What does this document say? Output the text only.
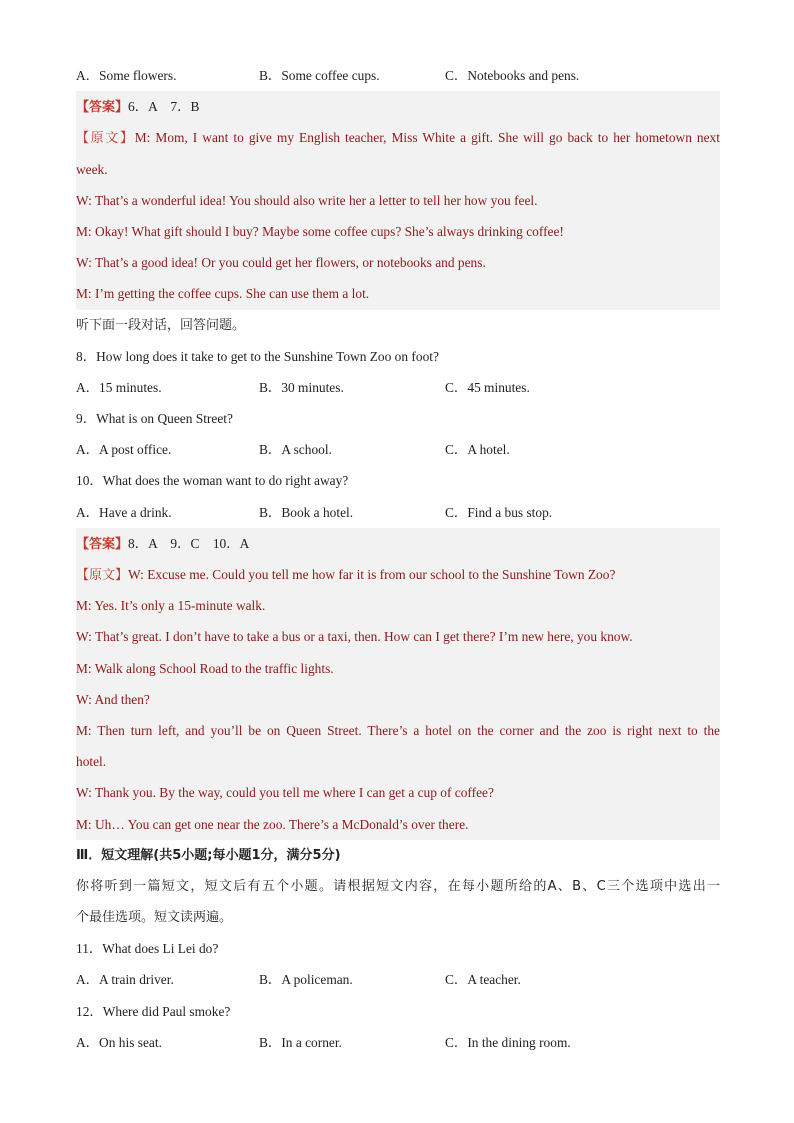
A．Some flowers.	B．Some coffee cups.	C．Notebooks and pens.
【答案】6．A　7．B
【原文】M: Mom, I want to give my English teacher, Miss White a gift. She will go back to her hometown next
week.
W: That’s a wonderful idea! You should also write her a letter to tell her how you feel.
M: Okay! What gift should I buy? Maybe some coffee cups? She’s always drinking coffee!
W: That’s a good idea! Or you could get her flowers, or notebooks and pens.
M: I’m getting the coffee cups. She can use them a lot.
听下面一段对话，回答问题。
8．How long does it take to get to the Sunshine Town Zoo on foot?
A．15 minutes.	B．30 minutes.	C．45 minutes.
9．What is on Queen Street?
A．A post office.	B．A school.	C．A hotel.
10．What does the woman want to do right away?
A．Have a drink.	B．Book a hotel.	C．Find a bus stop.
【答案】8．A　9．C　10．A
【原文】W: Excuse me. Could you tell me how far it is from our school to the Sunshine Town Zoo?
M: Yes. It’s only a 15-minute walk.
W: That’s great. I don’t have to take a bus or a taxi, then. How can I get there? I’m new here, you know.
M: Walk along School Road to the traffic lights.
W: And then?
M: Then turn left, and you’ll be on Queen Street. There’s a hotel on the corner and the zoo is right next to the
hotel.
W: Thank you. By the way, could you tell me where I can get a cup of coffee?
M: Uh… You can get one near the zoo. There’s a McDonald’s over there.
Ⅲ．短文理解(共5小题;每小题1分，满分5分)
你将听到一篇短文，短文后有五个小题。请根据短文内容，在每小题所给的A、B、C三个选项中选出一
个最佳选项。短文读两遍。
11．What does Li Lei do?
A．A train driver.	B．A policeman.	C．A teacher.
12．Where did Paul smoke?
A．On his seat.	B．In a corner.	C．In the dining room.
